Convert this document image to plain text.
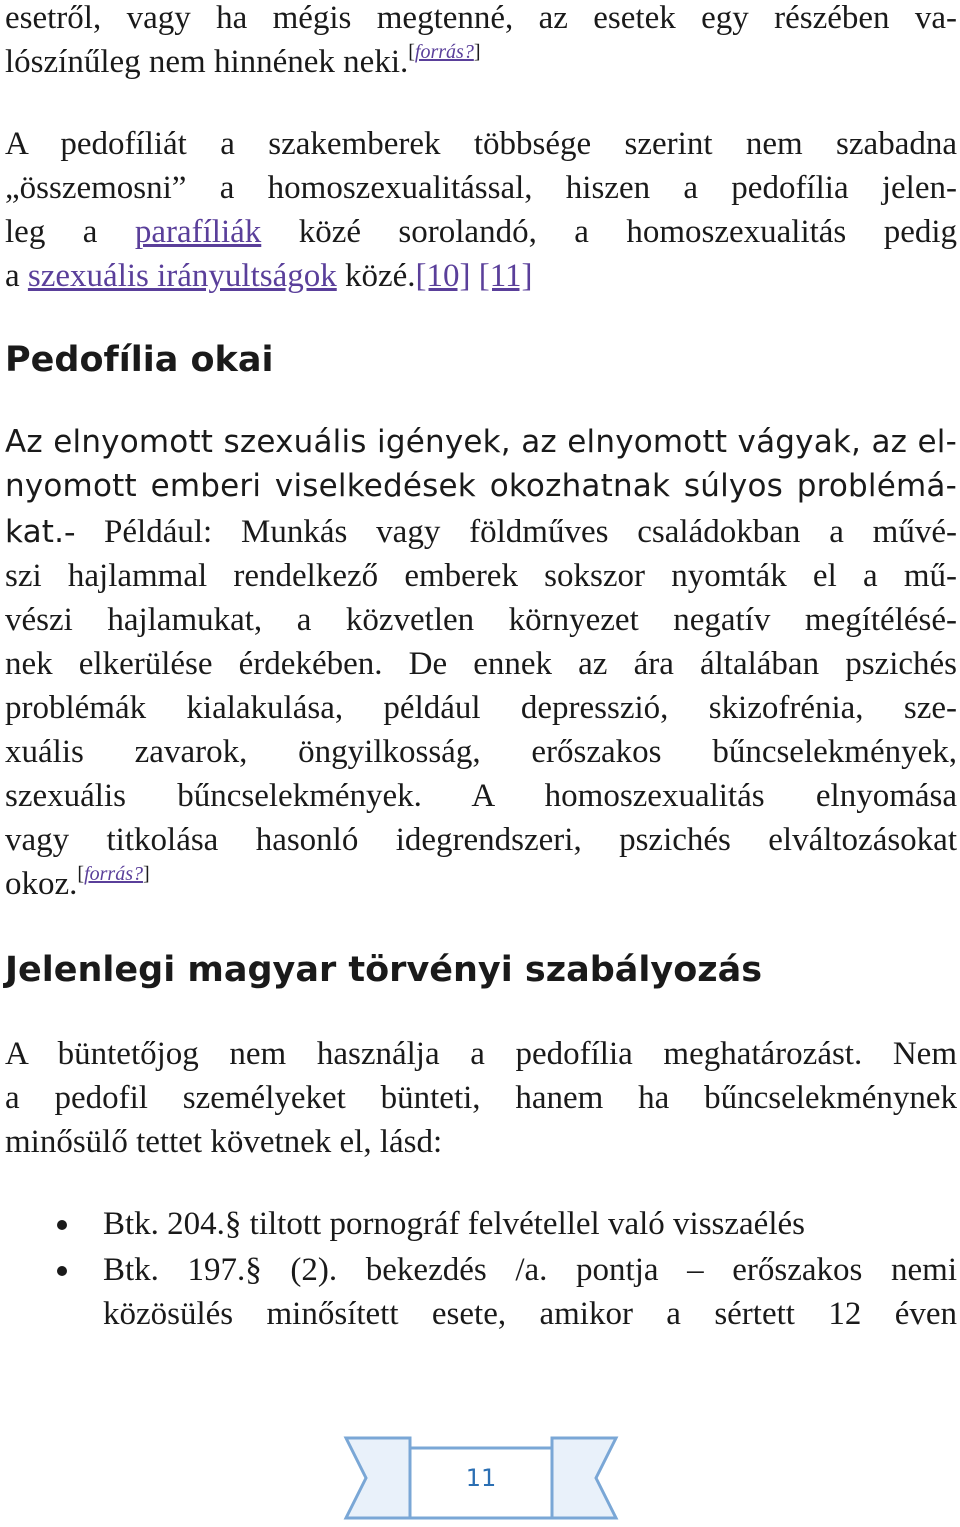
esetről, vagy ha mégis megtenné, az esetek egy részében va-
lószínűleg nem hinnének neki.[forrás?]
A pedofíliát a szakemberek többsége szerint nem szabadna
„összemosni” a homoszexualitással, hiszen a pedofília jelen-
leg a parafíliák közé sorolandó, a homoszexualitás pedig
a szexuális irányultságok közé.[10] [11]
Pedofília okai
Az elnyomott szexuális igények, az elnyomott vágyak, az el-
nyomott emberi viselkedések okozhatnak súlyos problémá-
kat.- Például: Munkás vagy földműves családokban a művé-
szi hajlammal rendelkező emberek sokszor nyomták el a mű-
vészi hajlamukat, a közvetlen környezet negatív megítélésé-
nek elkerülése érdekében. De ennek az ára általában pszichés
problémák kialakulása, például depresszió, skizofrénia, sze-
xuális zavarok, öngyilkosság, erőszakos bűncselekmények,
szexuális bűncselekmények. A homoszexualitás elnyomása
vagy titkolása hasonló idegrendszeri, pszichés elváltozásokat
okoz.[forrás?]
Jelenlegi magyar törvényi szabályozás
A büntetőjog nem használja a pedofília meghatározást. Nem
a pedofil személyeket bünteti, hanem ha bűncselekménynek
minősülő tettet követnek el, lásd:
Btk. 204.§ tiltott pornográf felvétellel való visszaélés
Btk. 197.§ (2). bekezdés /a. pontja – erőszakos nemi
közösülés minősített esete, amikor a sértett 12 éven
11
